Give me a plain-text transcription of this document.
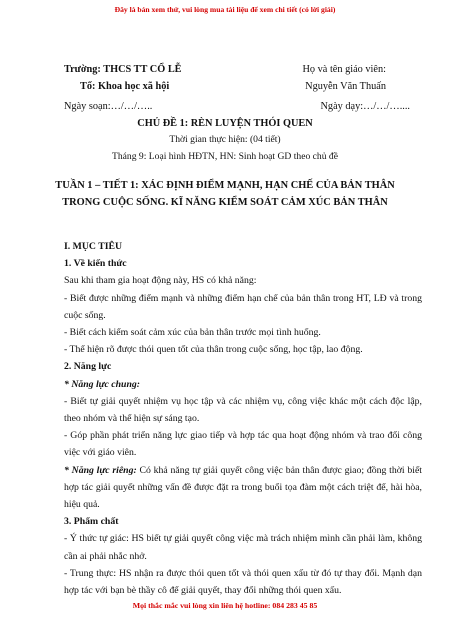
Đây là bản xem thử, vui lòng mua tài liệu để xem chi tiết (có lời giải)
Trường: THCS TT CỔ LỄ
Tổ: Khoa học xã hội
Họ và tên giáo viên:
Nguyễn Văn Thuấn
Ngày soạn:…/…/…..	Ngày dạy:…/…/…....
CHỦ ĐỀ 1: RÈN LUYỆN THÓI QUEN
Thời gian thực hiện: (04 tiết)
Tháng 9: Loại hình HĐTN, HN: Sinh hoạt GD theo chủ đề
TUẦN 1 – TIẾT 1: XÁC ĐỊNH ĐIỂM MẠNH, HẠN CHẾ CỦA BẢN THÂN TRONG CUỘC SỐNG. KĨ NĂNG KIỂM SOÁT CẢM XÚC BẢN THÂN

I. MỤC TIÊU

1. Về kiến thức

Sau khi tham gia hoạt động này, HS có khả năng:

- Biết được những điểm mạnh và những điểm hạn chế của bản thân trong HT, LĐ và trong cuộc sống.

- Biết cách kiểm soát cảm xúc của bản thân trước mọi tình huống.

- Thể hiện rõ được thói quen tốt của thân trong cuộc sống, học tập, lao động.

2. Năng lực

* Năng lực chung:

- Biết tự giải quyết nhiệm vụ học tập và các nhiệm vụ, công việc khác một cách độc lập, theo nhóm và thể hiện sự sáng tạo.

- Góp phần phát triển năng lực giao tiếp và hợp tác qua hoạt động nhóm và trao đổi công việc với giáo viên.

* Năng lực riêng: Có khả năng tự giải quyết công việc bản thân được giao; đồng thời biết hợp tác giải quyết những vấn đề được đặt ra trong buổi tọa đàm một cách triệt để, hài hòa, hiệu quả.

3. Phẩm chất

- Ý thức tự giác: HS biết tự giải quyết công việc mà trách nhiệm mình cần phải làm, không cần ai phải nhắc nhở.

- Trung thực: HS nhận ra được thói quen tốt và thói quen xấu từ đó tự thay đổi. Mạnh dạn hợp tác với bạn bè thầy cô để giải quyết, thay đổi những thói quen xấu.

Mọi thắc mắc vui lòng xin liên hệ hotline: 084 283 45 85
